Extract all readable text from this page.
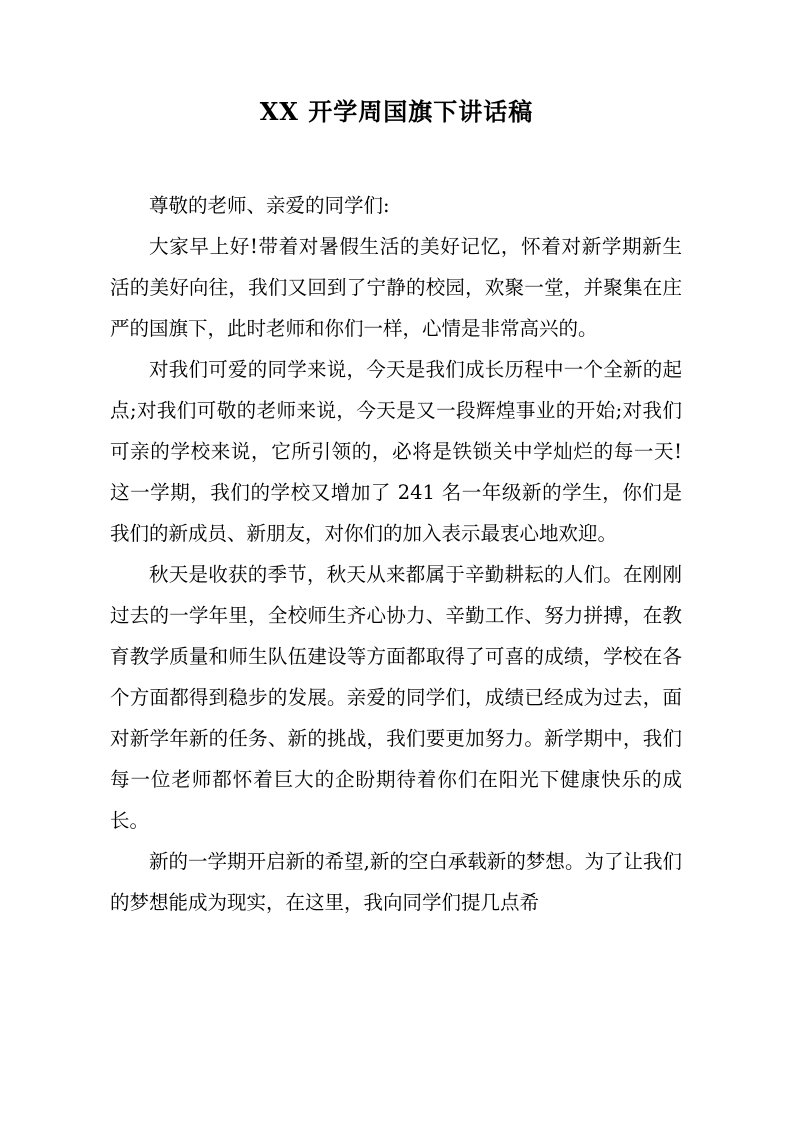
XX 开学周国旗下讲话稿

尊敬的老师、亲爱的同学们:

大家早上好!带着对暑假生活的美好记忆，怀着对新学期新生活的美好向往，我们又回到了宁静的校园，欢聚一堂，并聚集在庄严的国旗下，此时老师和你们一样，心情是非常高兴的。

对我们可爱的同学来说，今天是我们成长历程中一个全新的起点;对我们可敬的老师来说，今天是又一段辉煌事业的开始;对我们可亲的学校来说，它所引领的，必将是铁锁关中学灿烂的每一天!这一学期，我们的学校又增加了 241 名一年级新的学生，你们是我们的新成员、新朋友，对你们的加入表示最衷心地欢迎。

秋天是收获的季节，秋天从来都属于辛勤耕耘的人们。在刚刚过去的一学年里，全校师生齐心协力、辛勤工作、努力拼搏，在教育教学质量和师生队伍建设等方面都取得了可喜的成绩，学校在各个方面都得到稳步的发展。亲爱的同学们，成绩已经成为过去，面对新学年新的任务、新的挑战，我们要更加努力。新学期中，我们每一位老师都怀着巨大的企盼期待着你们在阳光下健康快乐的成长。

新的一学期开启新的希望,新的空白承载新的梦想。为了让我们的梦想能成为现实，在这里，我向同学们提几点希
